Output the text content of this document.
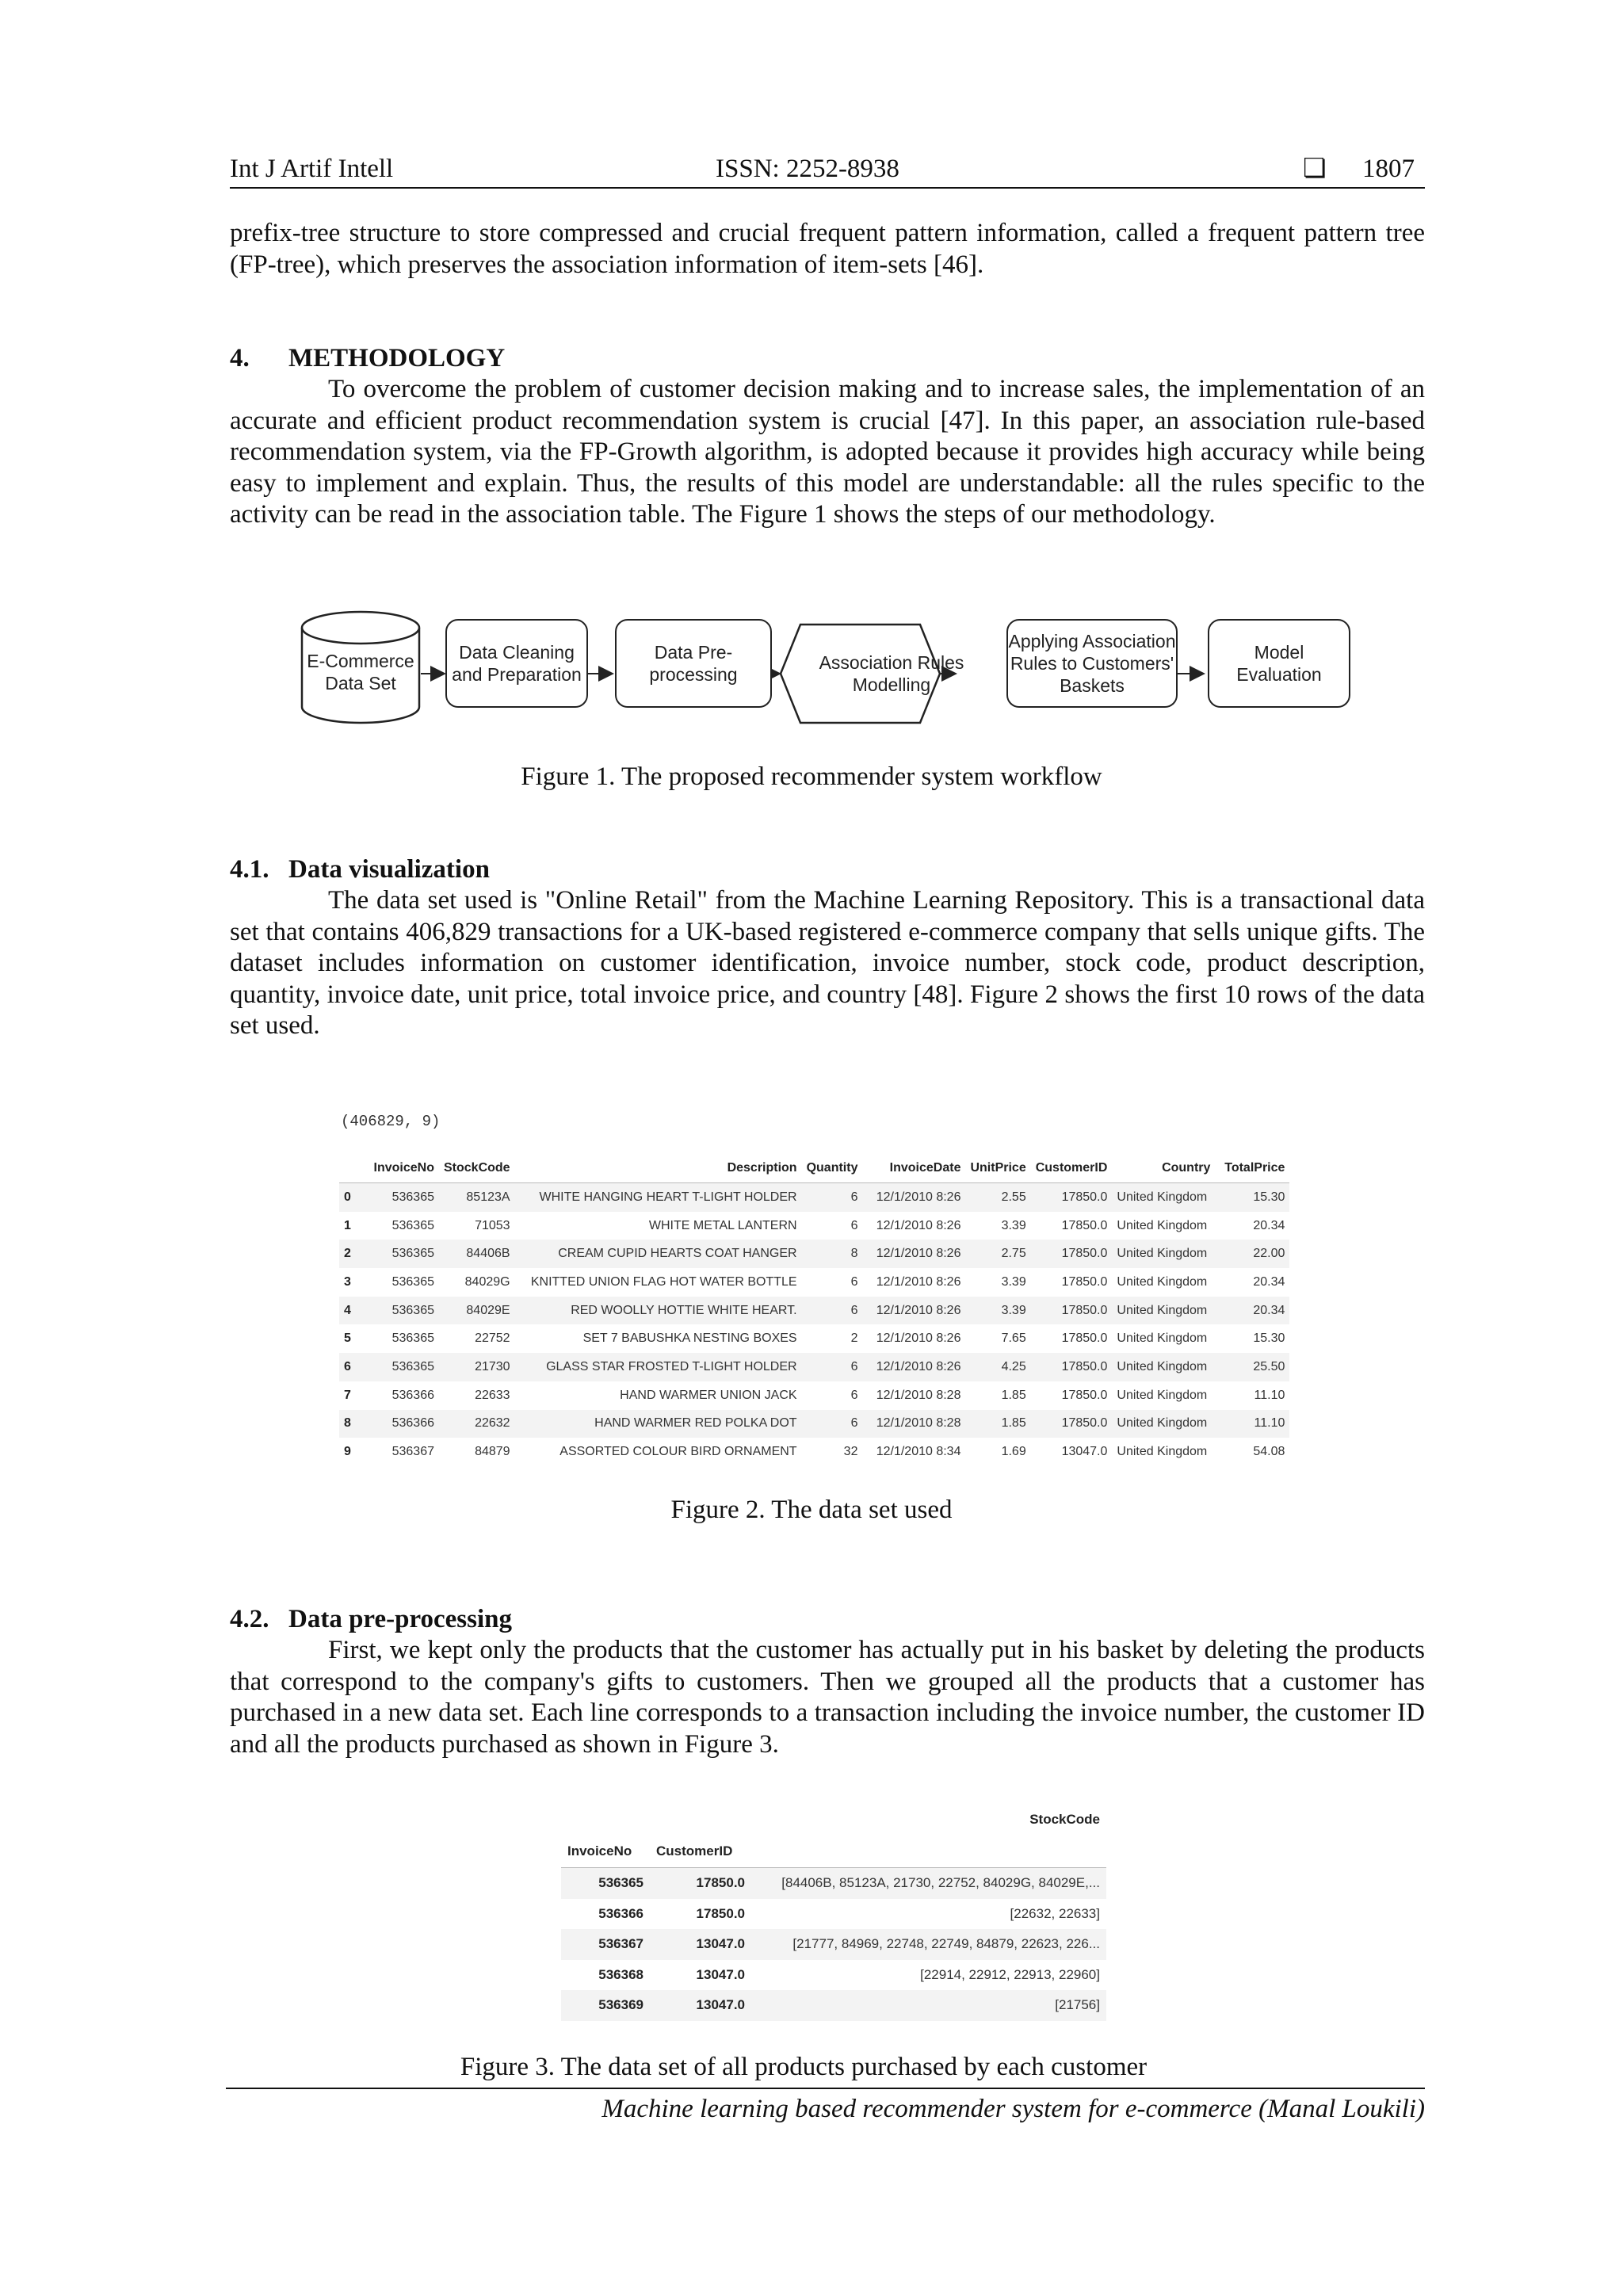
Int J Artif Intell	ISSN: 2252-8938	❏ 1807

prefix-tree structure to store compressed and crucial frequent pattern information, called a frequent pattern tree (FP-tree), which preserves the association information of item-sets [46].

4. METHODOLOGY

To overcome the problem of customer decision making and to increase sales, the implementation of an accurate and efficient product recommendation system is crucial [47]. In this paper, an association rule-based recommendation system, via the FP-Growth algorithm, is adopted because it provides high accuracy while being easy to implement and explain. Thus, the results of this model are understandable: all the rules specific to the activity can be read in the association table. The Figure 1 shows the steps of our methodology.

E-Commerce
Data Set
Data Cleaning
and Preparation
Data Pre-
processing
Association Rules
Modelling
Applying Association
Rules to Customers'
Baskets
Model Evaluation
Figure 1. The proposed recommender system workflow
4.1. Data visualization

The data set used is "Online Retail" from the Machine Learning Repository. This is a transactional data set that contains 406,829 transactions for a UK-based registered e-commerce company that sells unique gifts. The dataset includes information on customer identification, invoice number, stock code, product description, quantity, invoice date, unit price, total invoice price, and country [48]. Figure 2 shows the first 10 rows of the data set used.

(406829, 9)
	InvoiceNo	StockCode	Description	Quantity	InvoiceDate	UnitPrice	CustomerID	Country	TotalPrice
0	536365	85123A	WHITE HANGING HEART T-LIGHT HOLDER	6	12/1/2010 8:26	2.55	17850.0	United Kingdom	15.30
1	536365	71053	WHITE METAL LANTERN	6	12/1/2010 8:26	3.39	17850.0	United Kingdom	20.34
2	536365	84406B	CREAM CUPID HEARTS COAT HANGER	8	12/1/2010 8:26	2.75	17850.0	United Kingdom	22.00
3	536365	84029G	KNITTED UNION FLAG HOT WATER BOTTLE	6	12/1/2010 8:26	3.39	17850.0	United Kingdom	20.34
4	536365	84029E	RED WOOLLY HOTTIE WHITE HEART.	6	12/1/2010 8:26	3.39	17850.0	United Kingdom	20.34
5	536365	22752	SET 7 BABUSHKA NESTING BOXES	2	12/1/2010 8:26	7.65	17850.0	United Kingdom	15.30
6	536365	21730	GLASS STAR FROSTED T-LIGHT HOLDER	6	12/1/2010 8:26	4.25	17850.0	United Kingdom	25.50
7	536366	22633	HAND WARMER UNION JACK	6	12/1/2010 8:28	1.85	17850.0	United Kingdom	11.10
8	536366	22632	HAND WARMER RED POLKA DOT	6	12/1/2010 8:28	1.85	17850.0	United Kingdom	11.10
9	536367	84879	ASSORTED COLOUR BIRD ORNAMENT	32	12/1/2010 8:34	1.69	13047.0	United Kingdom	54.08
Figure 2. The data set used
4.2. Data pre-processing

First, we kept only the products that the customer has actually put in his basket by deleting the products that correspond to the company's gifts to customers. Then we grouped all the products that a customer has purchased in a new data set. Each line corresponds to a transaction including the invoice number, the customer ID and all the products purchased as shown in Figure 3.

		StockCode
InvoiceNo	CustomerID	
536365	17850.0	[84406B, 85123A, 21730, 22752, 84029G, 84029E,...
536366	17850.0	[22632, 22633]
536367	13047.0	[21777, 84969, 22748, 22749, 84879, 22623, 226...
536368	13047.0	[22914, 22912, 22913, 22960]
536369	13047.0	[21756]
Figure 3. The data set of all products purchased by each customer
Machine learning based recommender system for e-commerce (Manal Loukili)
